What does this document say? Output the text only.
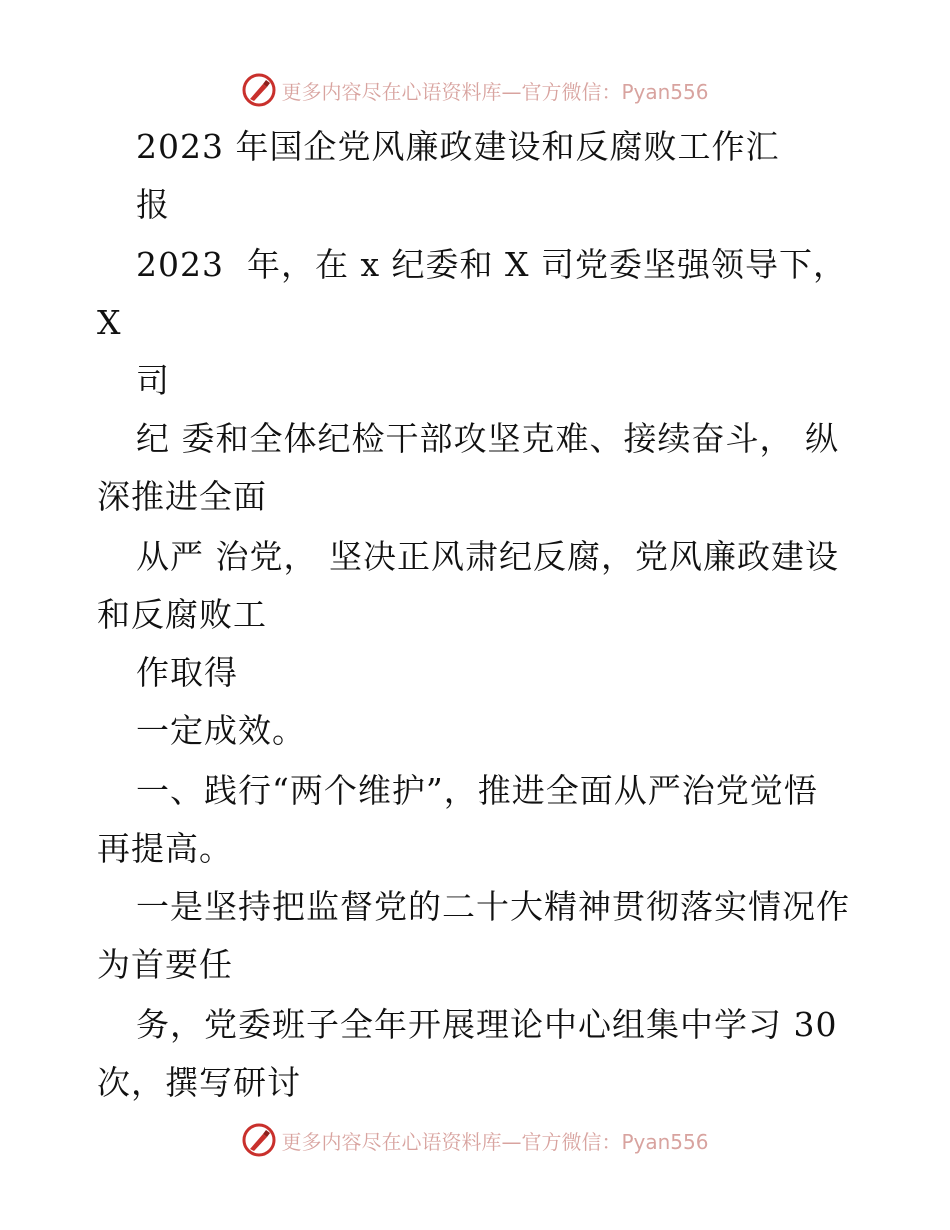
更多内容尽在心语资料库—官方微信：Pyan556
2023 年国企党风廉政建设和反腐败工作汇
报
2023  年，在 x 纪委和 X 司党委坚强领导下，
X
司
纪 委和全体纪检干部攻坚克难、接续奋斗， 纵
深推进全面
从严 治党， 坚决正风肃纪反腐，党风廉政建设
和反腐败工
作取得
一定成效。
一、践行“两个维护”，推进全面从严治党觉悟
再提高。
一是坚持把监督党的二十大精神贯彻落实情况作
为首要任
务，党委班子全年开展理论中心组集中学习 30
次，撰写研讨
更多内容尽在心语资料库—官方微信：Pyan556
